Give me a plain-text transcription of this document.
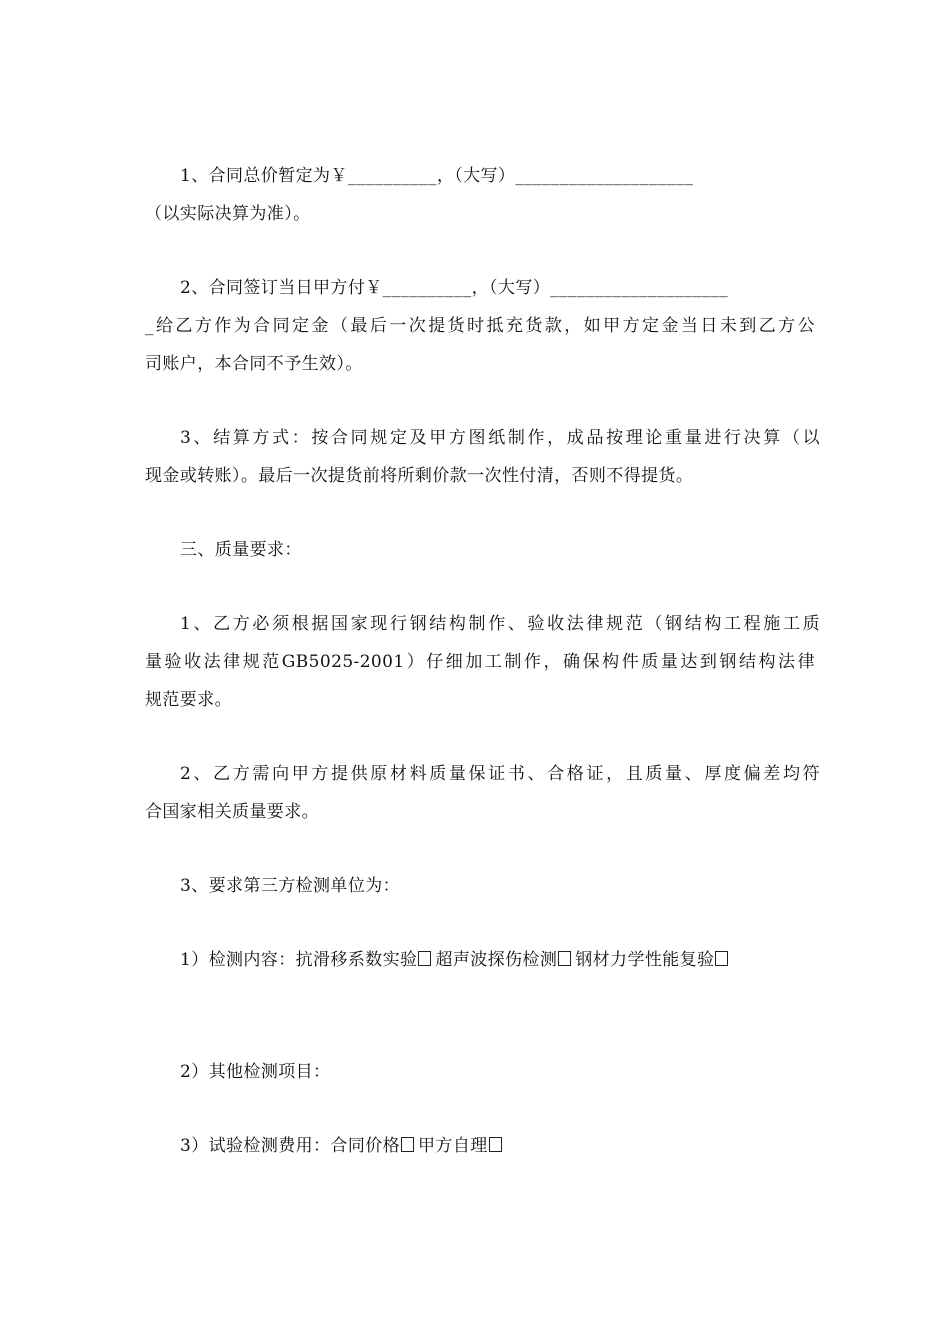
1、合同总价暂定为￥__________，（大写）____________________
（以实际决算为准）。
2、合同签订当日甲方付￥__________，（大写）____________________
_给乙方作为合同定金（最后一次提货时抵充货款，如甲方定金当日未到乙方公
司账户，本合同不予生效）。
3、结算方式：按合同规定及甲方图纸制作，成品按理论重量进行决算（以
现金或转账）。最后一次提货前将所剩价款一次性付清，否则不得提货。
三、质量要求：
1、乙方必须根据国家现行钢结构制作、验收法律规范（钢结构工程施工质
量验收法律规范GB5025-2001）仔细加工制作，确保构件质量达到钢结构法律
规范要求。
2、乙方需向甲方提供原材料质量保证书、合格证，且质量、厚度偏差均符
合国家相关质量要求。
3、要求第三方检测单位为：
1）检测内容：抗滑移系数实验 超声波探伤检测 钢材力学性能复验
2）其他检测项目：
3）试验检测费用：合同价格 甲方自理
